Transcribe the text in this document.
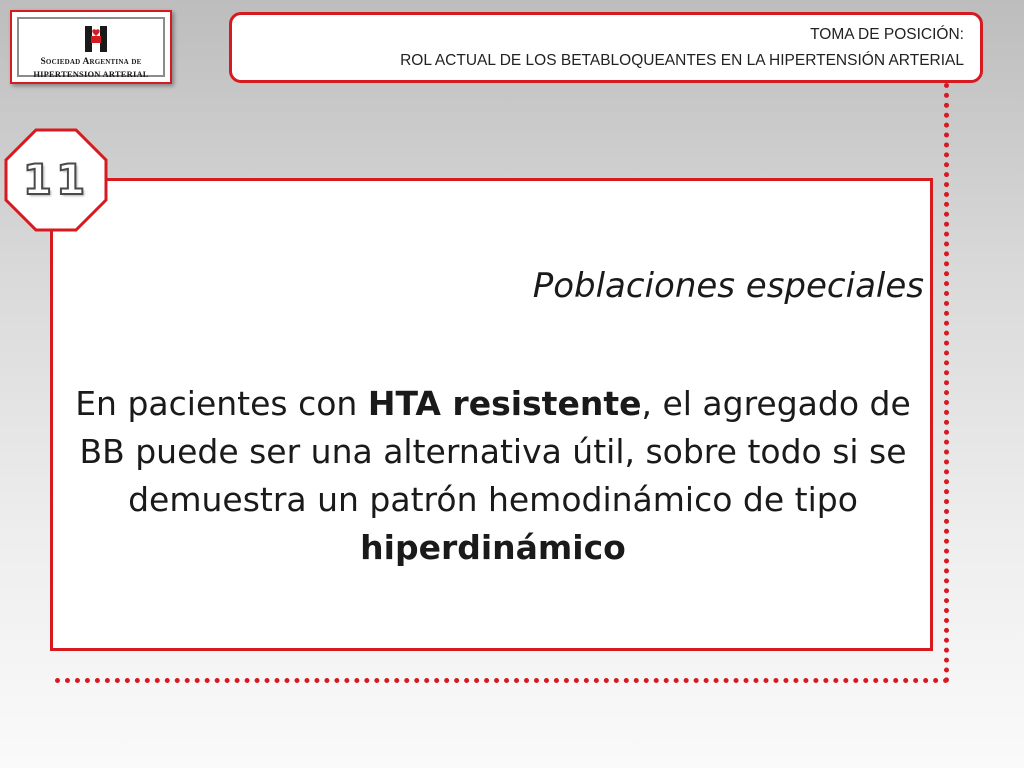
Sociedad Argentina de
HIPERTENSION ARTERIAL
TOMA DE POSICIÓN:
ROL ACTUAL DE LOS BETABLOQUEANTES EN LA HIPERTENSIÓN ARTERIAL
11
Poblaciones especiales
En pacientes con HTA resistente, el agregado de BB puede ser una alternativa útil, sobre todo si se demuestra un patrón hemodinámico de tipo hiperdinámico
